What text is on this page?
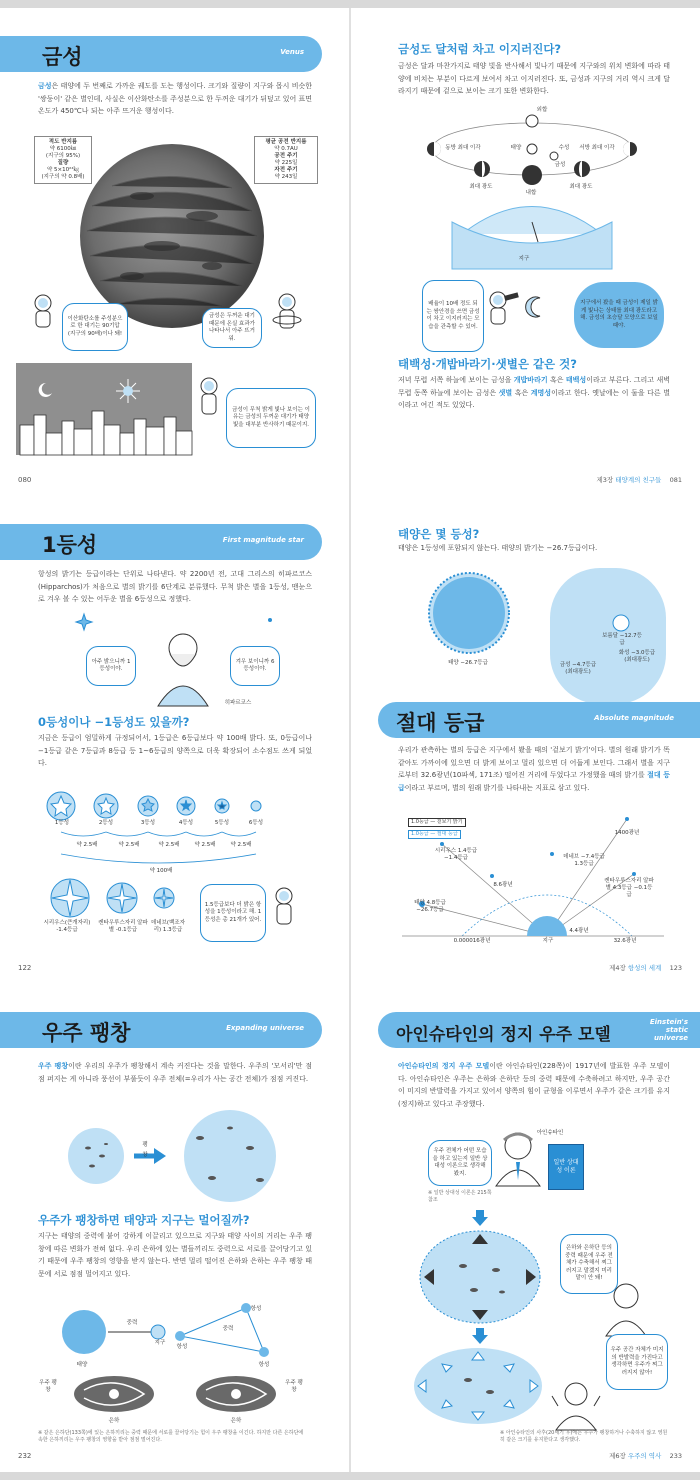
금성	Venus
금성은 태양에 두 번째로 가까운 궤도를 도는 행성이다. 크기와 질량이 지구와 몹시 비슷한 '쌍둥이' 같은 별인데, 사실은 이산화탄소를 주성분으로 한 두꺼운 대기가 뒤덮고 있어 표면 온도가 450℃나 되는 아주 뜨거운 행성이다.
적도 반지름
약 6100㎞
(지구의 95%)
질량
약 5×10²⁴㎏
(지구의 약 0.8배)
평균 공전 반지름
약 0.7AU
공전 주기
약 225일
자전 주기
약 243일
이산화탄소를 주성분으로 한 대기는 90기압 (지구의 90배)이나 돼!
금성은 두꺼운 대기 때문에 온실 효과가 나타나서 아주 뜨거워.
금성이 무척 밝게 빛나 보이는 이유는 금성의 두꺼운 대기가 태양 빛을 대부분 반사하기 때문이지.
080
금성도 달처럼 차고 이지러진다?
금성은 달과 마찬가지로 태양 빛을 반사해서 빛나기 때문에 지구와의 위치 변화에 따라 태양에 비치는 부분이 다르게 보여서 차고 이지러진다. 또, 금성과 지구의 거리 역시 크게 달라지기 때문에 겉으로 보이는 크기 또한 변화한다.
외합
동방 최대 이각	서방 최대 이각
태양
금성
수성
최대 광도	최대 광도
내합
지구
배율이 10배 정도 되는 쌍안경을 쓰면 금성이 차고 이지러지는 모습을 관측할 수 있어.
지구에서 봤을 때 금성이 제일 밝게 빛나는 상태를 최대 광도라고 해. 금성의 초승달 모양으로 보일 때야.
태백성·개밥바라기·샛별은 같은 것?
저녁 무렵 서쪽 하늘에 보이는 금성을 개밥바라기 혹은 태백성이라고 부른다. 그리고 새벽 무렵 동쪽 하늘에 보이는 금성은 샛별 혹은 계명성이라고 한다. 옛날에는 이 둘을 다른 별이라고 여긴 적도 있었다.
제3장 태양계의 친구들 081
1등성	First magnitude star
항성의 밝기는 등급이라는 단위로 나타낸다. 약 2200년 전, 고대 그리스의 히파르코스(Hipparchos)가 처음으로 별의 밝기를 6단계로 분류했다. 무척 밝은 별을 1등성, 맨눈으로 겨우 볼 수 있는 어두운 별을 6등성으로 정했다.
아주 밝으니까 1등성이야.
겨우 보이니까 6등성이야.
히파르코스
0등성이나 −1등성도 있을까?
지금은 등급이 엄밀하게 규정되어서, 1등급은 6등급보다 약 100배 밝다. 또, 0등급이나 −1등급 같은 7등급과 8등급 등 1~6등급의 양쪽으로 더욱 확장되어 소수점도 쓰게 되었다.
1등성	2등성	3등성	4등성	5등성	6등성
약 2.5배	약 2.5배	약 2.5배	약 2.5배	약 2.5배
약 100배
시리우스(큰개자리) -1.4등급
켄타우루스자리 알파별 -0.1등급
데네브(백조자리) 1.3등급
1.5등급보다 더 밝은 항성을 1등성이라고 해. 1등성은 총 21개가 있어.
122
태양은 몇 등성?
태양은 1등성에 포함되지 않는다. 태양의 밝기는 −26.7등급이다.
태양 −26.7등급
보름달 −12.7등급
금성 −4.7등급 (최대광도)
화성 −3.0등급 (최대광도)
절대 등급	Absolute magnitude
우리가 관측하는 별의 등급은 지구에서 봤을 때의 '겉보기 밝기'이다. 별의 원래 밝기가 똑같아도 가까이에 있으면 더 밝게 보이고 멀리 있으면 더 어둡게 보인다. 그래서 별을 지구로부터 32.6광년(10파섹, 171조) 떨어진 거리에 두었다고 가정했을 때의 밝기를 절대 등급이라고 부르며, 별의 원래 밝기를 나타내는 지표로 삼고 있다.
1.0등급 — 겉보기 밝기
1.0등급 — 절대 등급
시리우스 1.4등급 −1.4등급
태양 4.8등급 −26.7등급
데네브 −7.4등급 1.3등급
켄타우루스자리 알파별 4.3등급 −0.1등급
8.6광년
0.000016광년
4.4광년
32.6광년
1400광년
지구
제4장 항성의 세계 123
우주 팽창	Expanding universe
우주 팽창이란 우리의 우주가 팽창해서 계속 커진다는 것을 말한다. 우주의 '모서리'만 점점 퍼지는 게 아니라 풍선이 부풀듯이 우주 전체(=우리가 사는 공간 전체)가 점점 커진다.
팽창
우주가 팽창하면 태양과 지구는 멀어질까?
지구는 태양의 중력에 붙어 강하게 이끌리고 있으므로 지구와 태양 사이의 거리는 우주 팽창에 따른 변화가 전혀 없다. 우리 은하에 있는 별들끼리도 중력으로 서로를 끌어당기고 있기 때문에 우주 팽창의 영향을 받지 않는다. 반면 멀리 떨어진 은하와 은하는 우주 팽창 때문에 서로 점점 멀어지고 있다.
태양
중력
지구
항성
중력
항성
항성
우주 팽창
우주 팽창
은하	은하
※ 같은 은하단(133쪽)에 있는 은하끼리는 중력 때문에 서로를 끌어당기는 힘이 우주 팽창을 이긴다. 하지만 다른 은하단에 속한 은하끼리는 우주 팽창의 영향을 받아 점점 멀어진다.
232
아인슈타인의 정지 우주 모델
Einstein's static universe
아인슈타인의 정지 우주 모델이란 아인슈타인(228쪽)이 1917년에 발표한 우주 모델이다. 아인슈타인은 우주는 은하와 은하단 등의 중력 때문에 수축하려고 하지만, 우주 공간이 미지의 반발력을 가지고 있어서 양쪽의 힘이 균형을 이루면서 우주가 같은 크기를 유지(정지)하고 있다고 주장했다.
아인슈타인
우주 전체가 어떤 모습을 하고 있는지 일반 상대성 이론으로 생각해 봤지.
일반 상대성 이론
※ 일반 상대성 이론은 215쪽 참조
은하와 은하단 등의 중력 때문에 우주 전체가 수축해서 찌그러지고 말겠지 미리 말이 안 돼!
우주 공간 자체가 미지의 반발력을 가진다고 생각하면 우주가 찌그러지지 않아!
※ 아인슈타인의 사후(20세기 후)에는 우주가 팽창하거나 수축하지 않고 영원히 같은 크기를 유지한다고 생각했다.
제6장 우주의 역사 233
